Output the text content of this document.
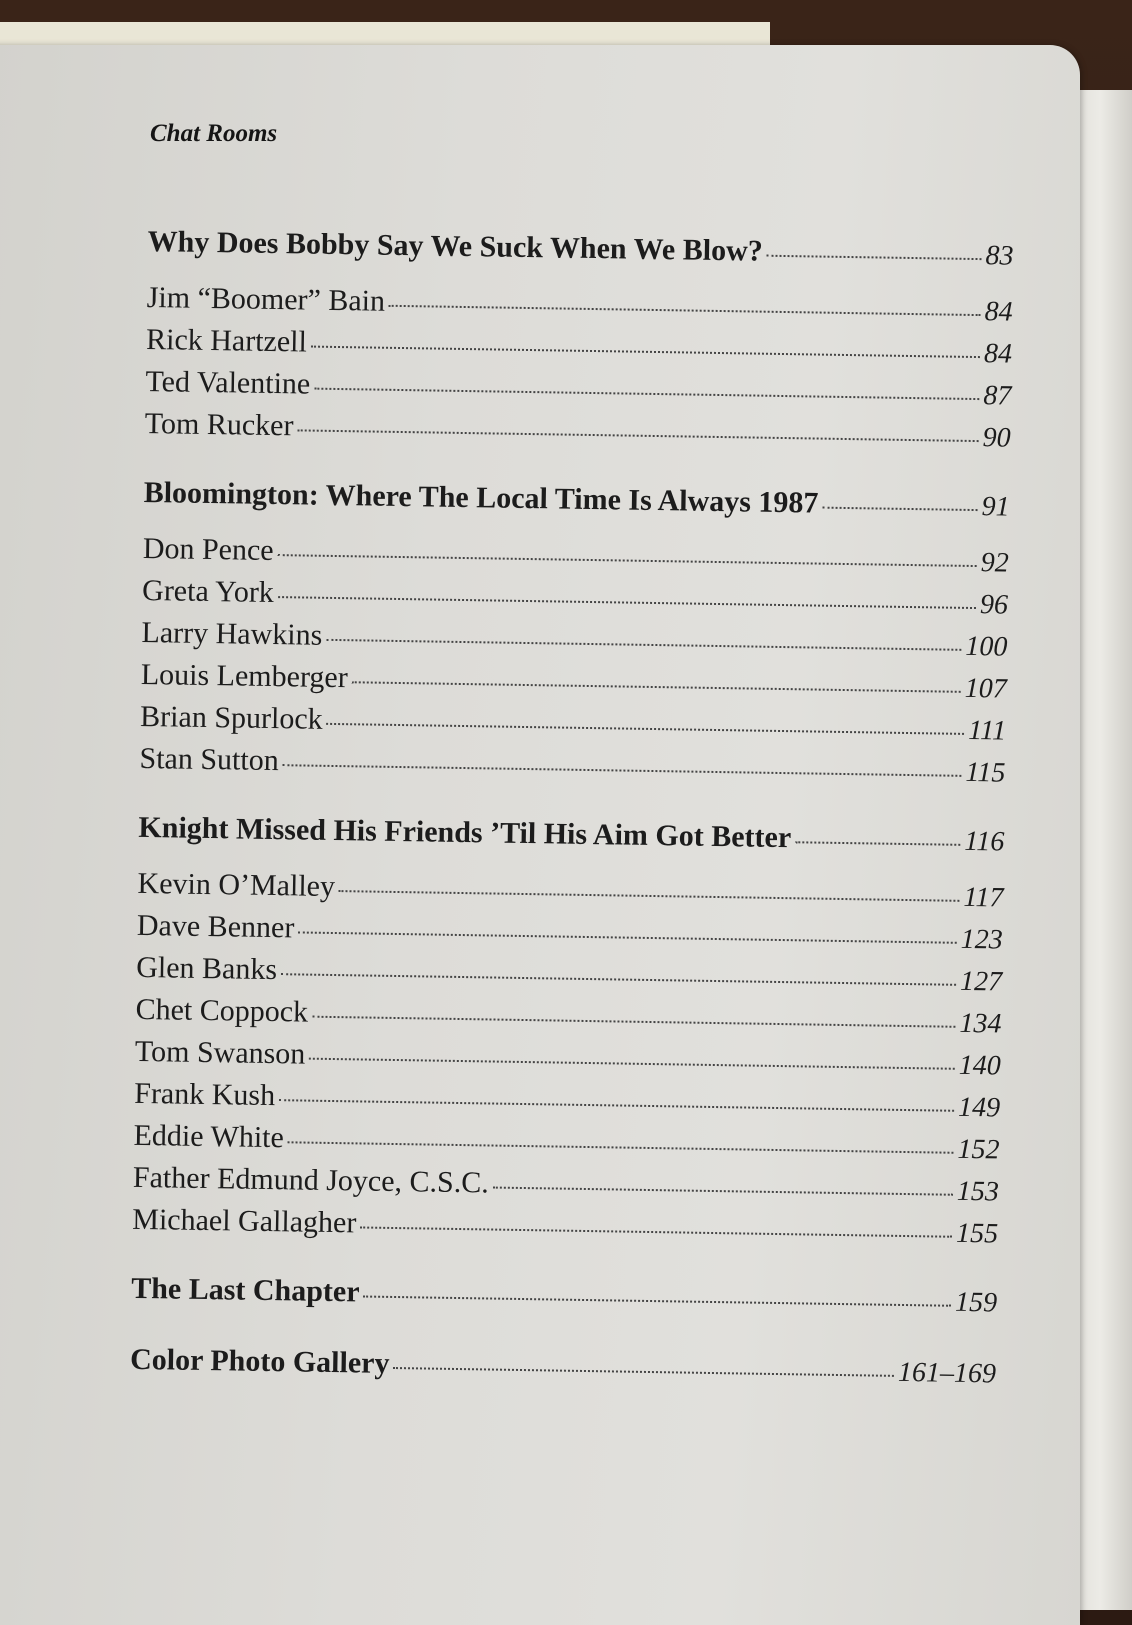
Chat Rooms
Why Does Bobby Say We Suck When We Blow?	83
Jim “Boomer” Bain	84
Rick Hartzell	84
Ted Valentine	87
Tom Rucker	90
Bloomington: Where The Local Time Is Always 1987	91
Don Pence	92
Greta York	96
Larry Hawkins	100
Louis Lemberger	107
Brian Spurlock	111
Stan Sutton	115
Knight Missed His Friends ’Til His Aim Got Better	116
Kevin O’Malley	117
Dave Benner	123
Glen Banks	127
Chet Coppock	134
Tom Swanson	140
Frank Kush	149
Eddie White	152
Father Edmund Joyce, C.S.C.	153
Michael Gallagher	155
The Last Chapter	159
Color Photo Gallery	161–169
